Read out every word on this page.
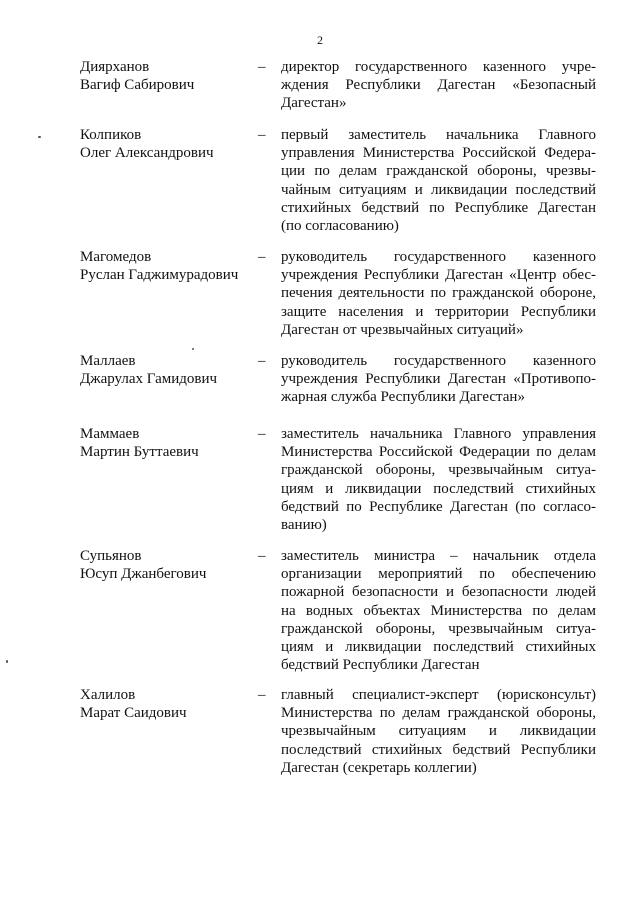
2
Диярханов
Вагиф Сабирович
–	директор государственного казенного учре-
ждения Республики Дагестан «Безопасный
Дагестан»
Колпиков
Олег Александрович
–	первый заместитель начальника Главного
управления Министерства Российской Федера-
ции по делам гражданской обороны, чрезвы-
чайным ситуациям и ликвидации последствий
стихийных бедствий по Республике Дагестан
(по согласованию)
Магомедов
Руслан Гаджимурадович
–	руководитель государственного казенного
учреждения Республики Дагестан «Центр обес-
печения деятельности по гражданской обороне,
защите населения и территории Республики
Дагестан от чрезвычайных ситуаций»
Маллаев
Джарулах Гамидович
–	руководитель государственного казенного
учреждения Республики Дагестан «Противопо-
жарная служба Республики Дагестан»
Маммаев
Мартин Буттаевич
–	заместитель начальника Главного управления
Министерства Российской Федерации по делам
гражданской обороны, чрезвычайным ситуа-
циям и ликвидации последствий стихийных
бедствий по Республике Дагестан (по согласо-
ванию)
Супьянов
Юсуп Джанбегович
–	заместитель министра – начальник отдела
организации мероприятий по обеспечению
пожарной безопасности и безопасности людей
на водных объектах Министерства по делам
гражданской обороны, чрезвычайным ситуа-
циям и ликвидации последствий стихийных
бедствий Республики Дагестан
Халилов
Марат Саидович
–	главный специалист-эксперт (юрисконсульт)
Министерства по делам гражданской обороны,
чрезвычайным ситуациям и ликвидации
последствий стихийных бедствий Республики
Дагестан (секретарь коллегии)
